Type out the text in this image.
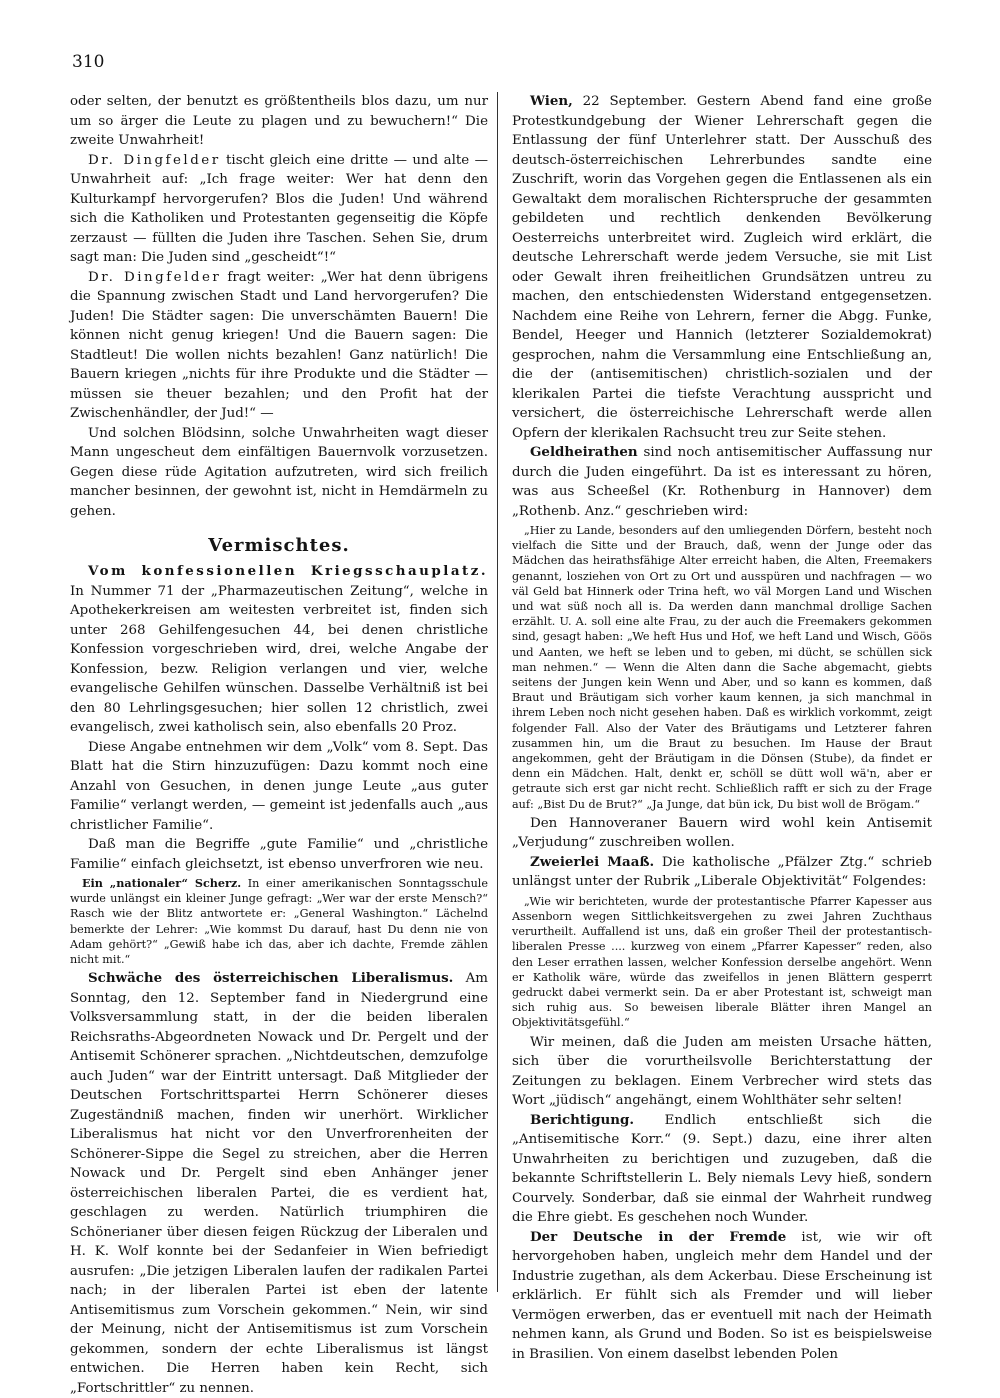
310

oder selten, der benutzt es größtentheils blos dazu, um nur um so ärger die Leute zu plagen und zu bewuchern!“ Die zweite Unwahrheit!

Dr. Dingfelder tischt gleich eine dritte — und alte — Unwahrheit auf: „Ich frage weiter: Wer hat denn den Kulturkampf hervorgerufen? Blos die Juden! Und während sich die Katholiken und Protestanten gegenseitig die Köpfe zerzaust — füllten die Juden ihre Taschen. Sehen Sie, drum sagt man: Die Juden sind „gescheidt“!“

Dr. Dingfelder fragt weiter: „Wer hat denn übrigens die Spannung zwischen Stadt und Land hervorgerufen? Die Juden! Die Städter sagen: Die unverschämten Bauern! Die können nicht genug kriegen! Und die Bauern sagen: Die Stadtleut! Die wollen nichts bezahlen! Ganz natürlich! Die Bauern kriegen „nichts für ihre Produkte und die Städter — müssen sie theuer bezahlen; und den Profit hat der Zwischenhändler, der Jud!“ —

Und solchen Blödsinn, solche Unwahrheiten wagt dieser Mann ungescheut dem einfältigen Bauernvolk vorzusetzen. Gegen diese rüde Agitation aufzutreten, wird sich freilich mancher besinnen, der gewohnt ist, nicht in Hemdärmeln zu gehen.

Vermischtes.

Vom konfessionellen Kriegsschauplatz. In Nummer 71 der „Pharmazeutischen Zeitung“, welche in Apothekerkreisen am weitesten verbreitet ist, finden sich unter 268 Gehilfengesuchen 44, bei denen christliche Konfession vorgeschrieben wird, drei, welche Angabe der Konfession, bezw. Religion verlangen und vier, welche evangelische Gehilfen wünschen. Dasselbe Verhältniß ist bei den 80 Lehrlingsgesuchen; hier sollen 12 christlich, zwei evangelisch, zwei katholisch sein, also ebenfalls 20 Proz.

Diese Angabe entnehmen wir dem „Volk“ vom 8. Sept. Das Blatt hat die Stirn hinzuzufügen: Dazu kommt noch eine Anzahl von Gesuchen, in denen junge Leute „aus guter Familie“ verlangt werden, — gemeint ist jedenfalls auch „aus christlicher Familie“.

Daß man die Begriffe „gute Familie“ und „christliche Familie“ einfach gleichsetzt, ist ebenso unverfroren wie neu.

Ein „nationaler“ Scherz. In einer amerikanischen Sonntagsschule wurde unlängst ein kleiner Junge gefragt: „Wer war der erste Mensch?“ Rasch wie der Blitz antwortete er: „General Washington.“ Lächelnd bemerkte der Lehrer: „Wie kommst Du darauf, hast Du denn nie von Adam gehört?“ „Gewiß habe ich das, aber ich dachte, Fremde zählen nicht mit.“

Schwäche des österreichischen Liberalismus. Am Sonntag, den 12. September fand in Niedergrund eine Volksversammlung statt, in der die beiden liberalen Reichsraths-Abgeordneten Nowack und Dr. Pergelt und der Antisemit Schönerer sprachen. „Nichtdeutschen, demzufolge auch Juden“ war der Eintritt untersagt. Daß Mitglieder der Deutschen Fortschrittspartei Herrn Schönerer dieses Zugeständniß machen, finden wir unerhört. Wirklicher Liberalismus hat nicht vor den Unverfrorenheiten der Schönerer-Sippe die Segel zu streichen, aber die Herren Nowack und Dr. Pergelt sind eben Anhänger jener österreichischen liberalen Partei, die es verdient hat, geschlagen zu werden. Natürlich triumphiren die Schönerianer über diesen feigen Rückzug der Liberalen und H. K. Wolf konnte bei der Sedanfeier in Wien befriedigt ausrufen: „Die jetzigen Liberalen laufen der radikalen Partei nach; in der liberalen Partei ist eben der latente Antisemitismus zum Vorschein gekommen.“ Nein, wir sind der Meinung, nicht der Antisemitismus ist zum Vorschein gekommen, sondern der echte Liberalismus ist längst entwichen. Die Herren haben kein Recht, sich „Fortschrittler“ zu nennen.

Wien, 22 September. Gestern Abend fand eine große Protestkundgebung der Wiener Lehrerschaft gegen die Entlassung der fünf Unterlehrer statt. Der Ausschuß des deutsch-österreichischen Lehrerbundes sandte eine Zuschrift, worin das Vorgehen gegen die Entlassenen als ein Gewaltakt dem moralischen Richterspruche der gesammten gebildeten und rechtlich denkenden Bevölkerung Oesterreichs unterbreitet wird. Zugleich wird erklärt, die deutsche Lehrerschaft werde jedem Versuche, sie mit List oder Gewalt ihren freiheitlichen Grundsätzen untreu zu machen, den entschiedensten Widerstand entgegensetzen. Nachdem eine Reihe von Lehrern, ferner die Abgg. Funke, Bendel, Heeger und Hannich (letzterer Sozialdemokrat) gesprochen, nahm die Versammlung eine Entschließung an, die der (antisemitischen) christlich-sozialen und der klerikalen Partei die tiefste Verachtung ausspricht und versichert, die österreichische Lehrerschaft werde allen Opfern der klerikalen Rachsucht treu zur Seite stehen.

Geldheirathen sind noch antisemitischer Auffassung nur durch die Juden eingeführt. Da ist es interessant zu hören, was aus Scheeßel (Kr. Rothenburg in Hannover) dem „Rothenb. Anz.“ geschrieben wird:

„Hier zu Lande, besonders auf den umliegenden Dörfern, besteht noch vielfach die Sitte und der Brauch, daß, wenn der Junge oder das Mädchen das heirathsfähige Alter erreicht haben, die Alten, Freemakers genannt, losziehen von Ort zu Ort und ausspüren und nachfragen — wo väl Geld bat Hinnerk oder Trina heft, wo väl Morgen Land und Wischen und wat süß noch all is. Da werden dann manchmal drollige Sachen erzählt. U. A. soll eine alte Frau, zu der auch die Freemakers gekommen sind, gesagt haben: „We heft Hus und Hof, we heft Land und Wisch, Göös und Aanten, we heft se leben und to geben, mi dücht, se schüllen sick man nehmen.“ — Wenn die Alten dann die Sache abgemacht, giebts seitens der Jungen kein Wenn und Aber, und so kann es kommen, daß Braut und Bräutigam sich vorher kaum kennen, ja sich manchmal in ihrem Leben noch nicht gesehen haben. Daß es wirklich vorkommt, zeigt folgender Fall. Also der Vater des Bräutigams und Letzterer fahren zusammen hin, um die Braut zu besuchen. Im Hause der Braut angekommen, geht der Bräutigam in die Dönsen (Stube), da findet er denn ein Mädchen. Halt, denkt er, schöll se dütt woll wä'n, aber er getraute sich erst gar nicht recht. Schließlich rafft er sich zu der Frage auf: „Bist Du de Brut?“ „Ja Junge, dat bün ick, Du bist woll de Brögam.“

Den Hannoveraner Bauern wird wohl kein Antisemit „Verjudung“ zuschreiben wollen.

Zweierlei Maaß. Die katholische „Pfälzer Ztg.“ schrieb unlängst unter der Rubrik „Liberale Objektivität“ Folgendes:

„Wie wir berichteten, wurde der protestantische Pfarrer Kapesser aus Assenborn wegen Sittlichkeitsvergehen zu zwei Jahren Zuchthaus verurtheilt. Auffallend ist uns, daß ein großer Theil der protestantisch-liberalen Presse .... kurzweg von einem „Pfarrer Kapesser“ reden, also den Leser errathen lassen, welcher Konfession derselbe angehört. Wenn er Katholik wäre, würde das zweifellos in jenen Blättern gesperrt gedruckt dabei vermerkt sein. Da er aber Protestant ist, schweigt man sich ruhig aus. So beweisen liberale Blätter ihren Mangel an Objektivitätsgefühl.“

Wir meinen, daß die Juden am meisten Ursache hätten, sich über die vorurtheilsvolle Berichterstattung der Zeitungen zu beklagen. Einem Verbrecher wird stets das Wort „jüdisch“ angehängt, einem Wohlthäter sehr selten!

Berichtigung. Endlich entschließt sich die „Antisemitische Korr.“ (9. Sept.) dazu, eine ihrer alten Unwahrheiten zu berichtigen und zuzugeben, daß die bekannte Schriftstellerin L. Bely niemals Levy hieß, sondern Courvely. Sonderbar, daß sie einmal der Wahrheit rundweg die Ehre giebt. Es geschehen noch Wunder.

Der Deutsche in der Fremde ist, wie wir oft hervorgehoben haben, ungleich mehr dem Handel und der Industrie zugethan, als dem Ackerbau. Diese Erscheinung ist erklärlich. Er fühlt sich als Fremder und will lieber Vermögen erwerben, das er eventuell mit nach der Heimath nehmen kann, als Grund und Boden. So ist es beispielsweise in Brasilien. Von einem daselbst lebenden Polen
